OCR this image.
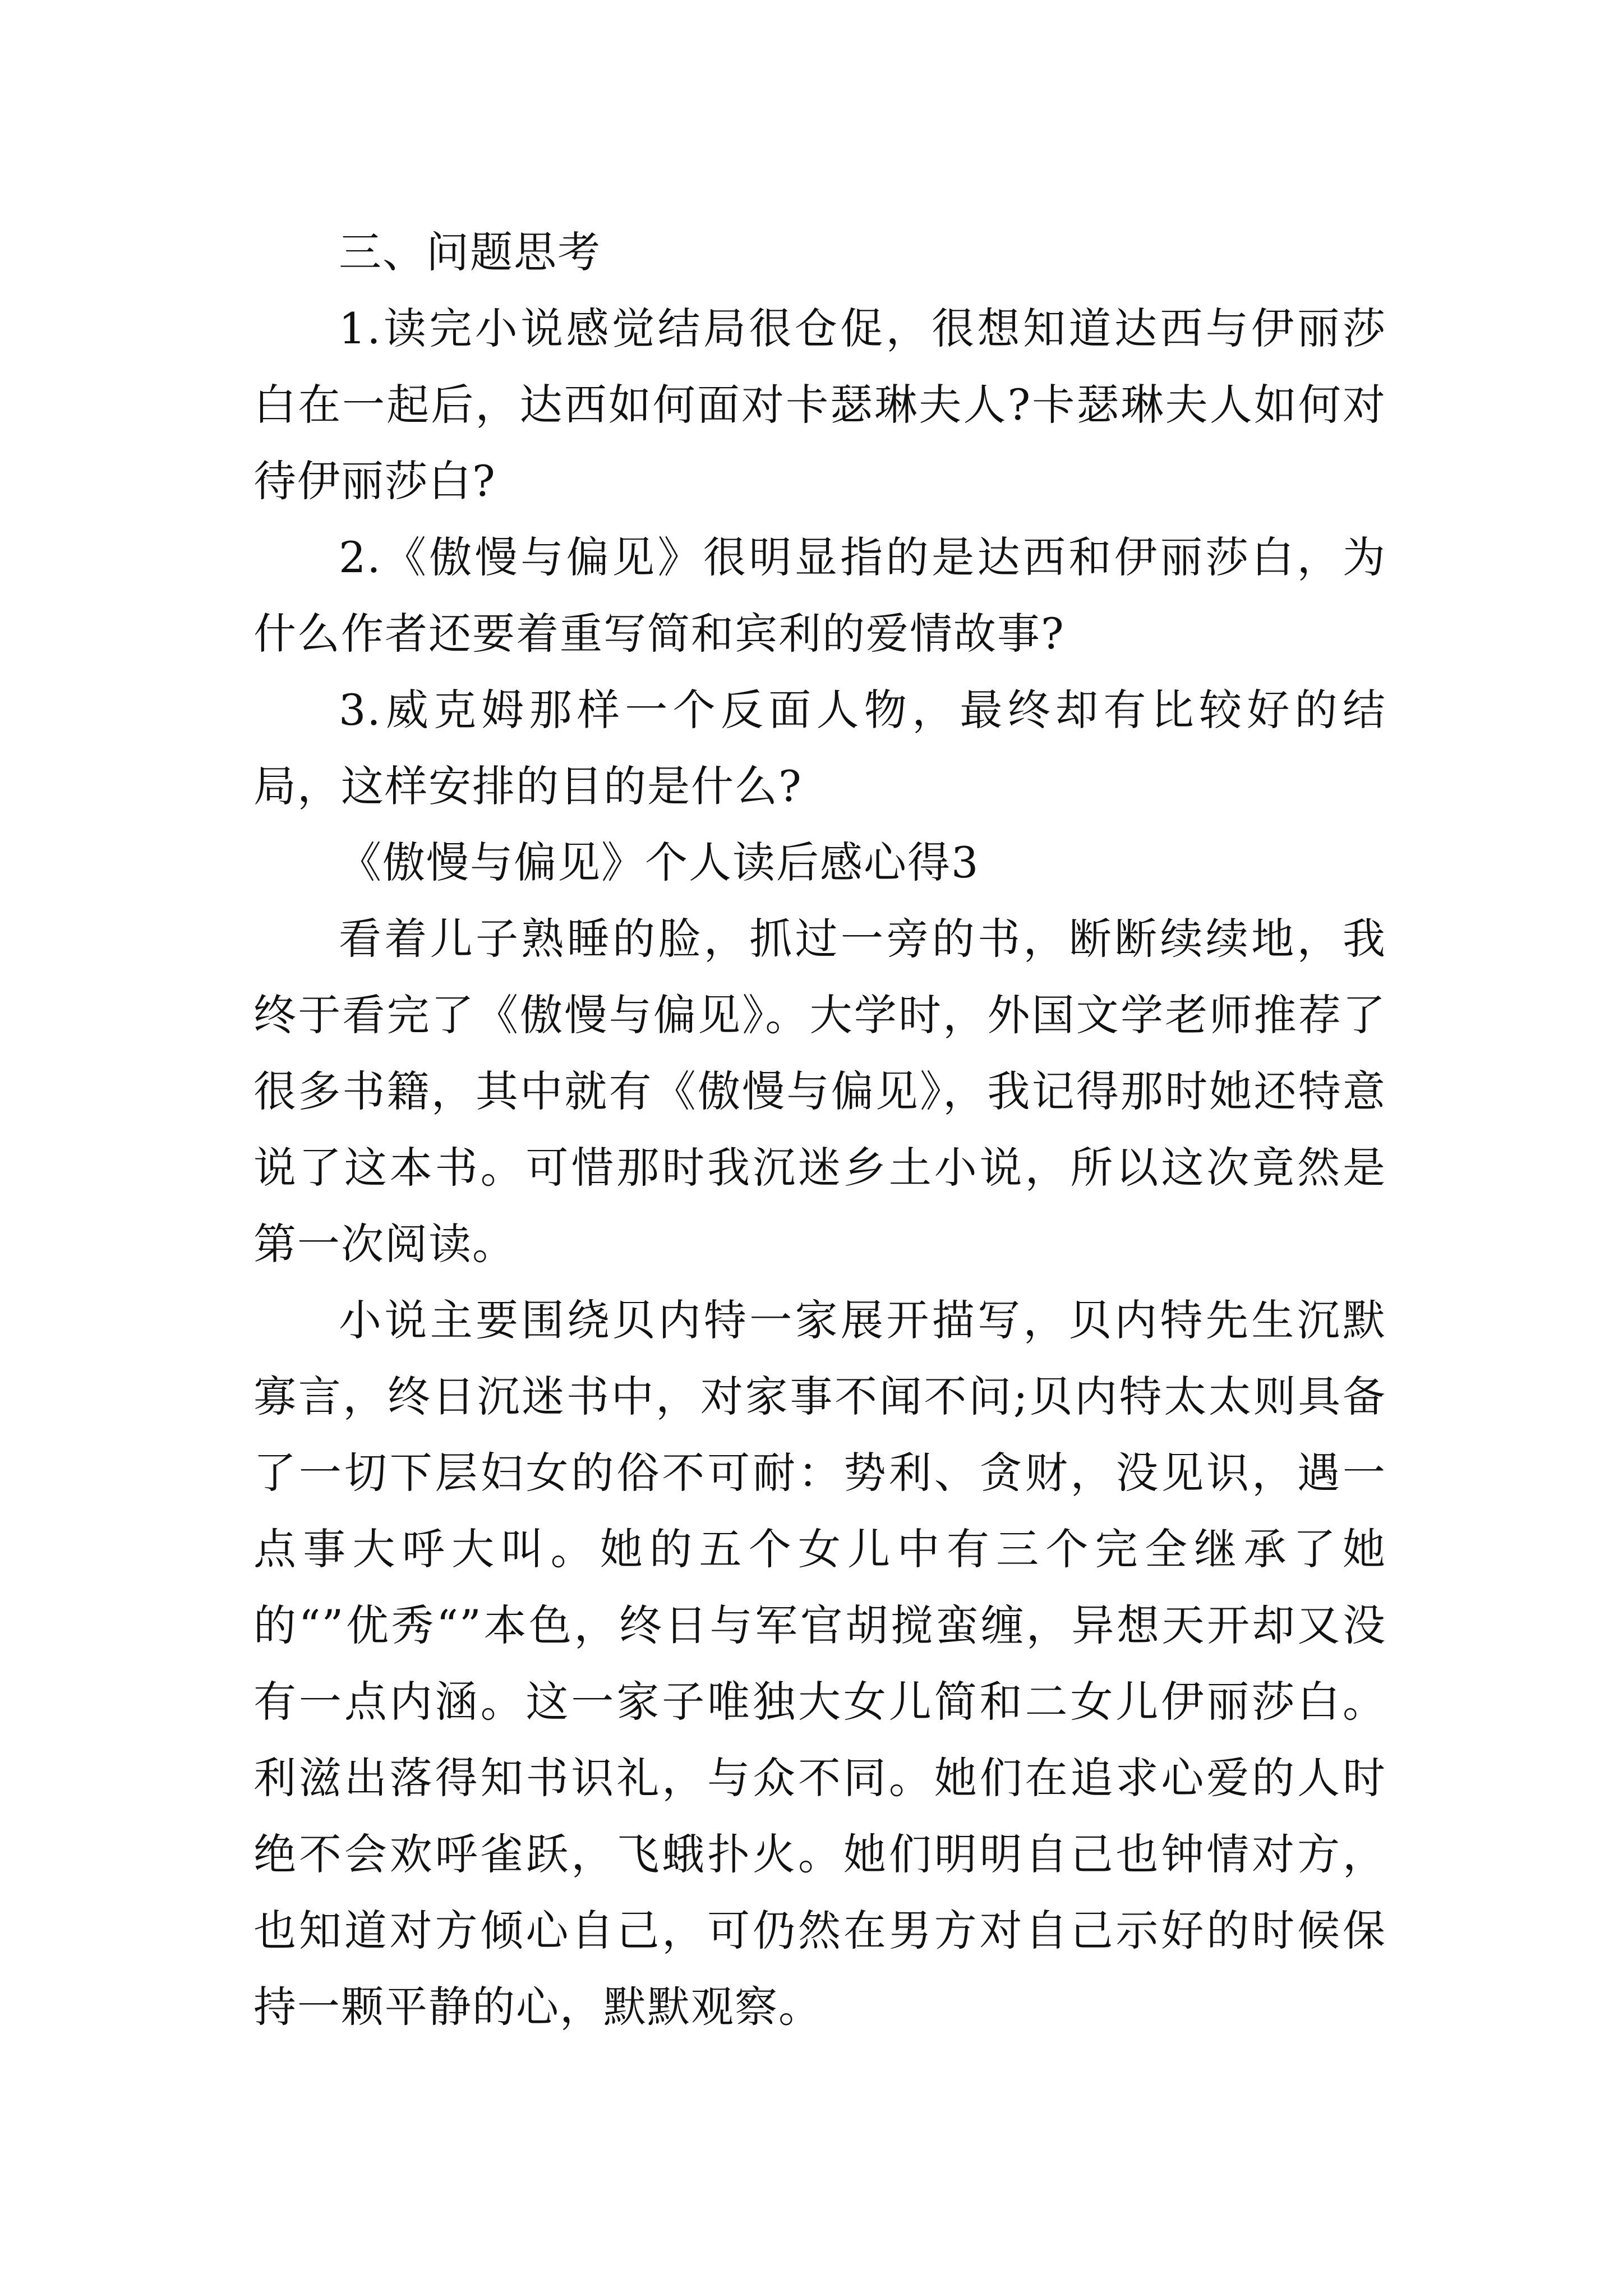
三、问题思考

1.读完小说感觉结局很仓促，很想知道达西与伊丽莎白在一起后，达西如何面对卡瑟琳夫人?卡瑟琳夫人如何对待伊丽莎白?

2.《傲慢与偏见》很明显指的是达西和伊丽莎白，为什么作者还要着重写简和宾利的爱情故事?

3.威克姆那样一个反面人物，最终却有比较好的结局，这样安排的目的是什么?

《傲慢与偏见》个人读后感心得3

看着儿子熟睡的脸，抓过一旁的书，断断续续地，我终于看完了《傲慢与偏见》。大学时，外国文学老师推荐了很多书籍，其中就有《傲慢与偏见》，我记得那时她还特意说了这本书。可惜那时我沉迷乡土小说，所以这次竟然是第一次阅读。

小说主要围绕贝内特一家展开描写，贝内特先生沉默寡言，终日沉迷书中，对家事不闻不问;贝内特太太则具备了一切下层妇女的俗不可耐：势利、贪财，没见识，遇一点事大呼大叫。她的五个女儿中有三个完全继承了她的“”优秀“”本色，终日与军官胡搅蛮缠，异想天开却又没有一点内涵。这一家子唯独大女儿简和二女儿伊丽莎白。利滋出落得知书识礼，与众不同。她们在追求心爱的人时绝不会欢呼雀跃，飞蛾扑火。她们明明自己也钟情对方，也知道对方倾心自己，可仍然在男方对自己示好的时候保持一颗平静的心，默默观察。
